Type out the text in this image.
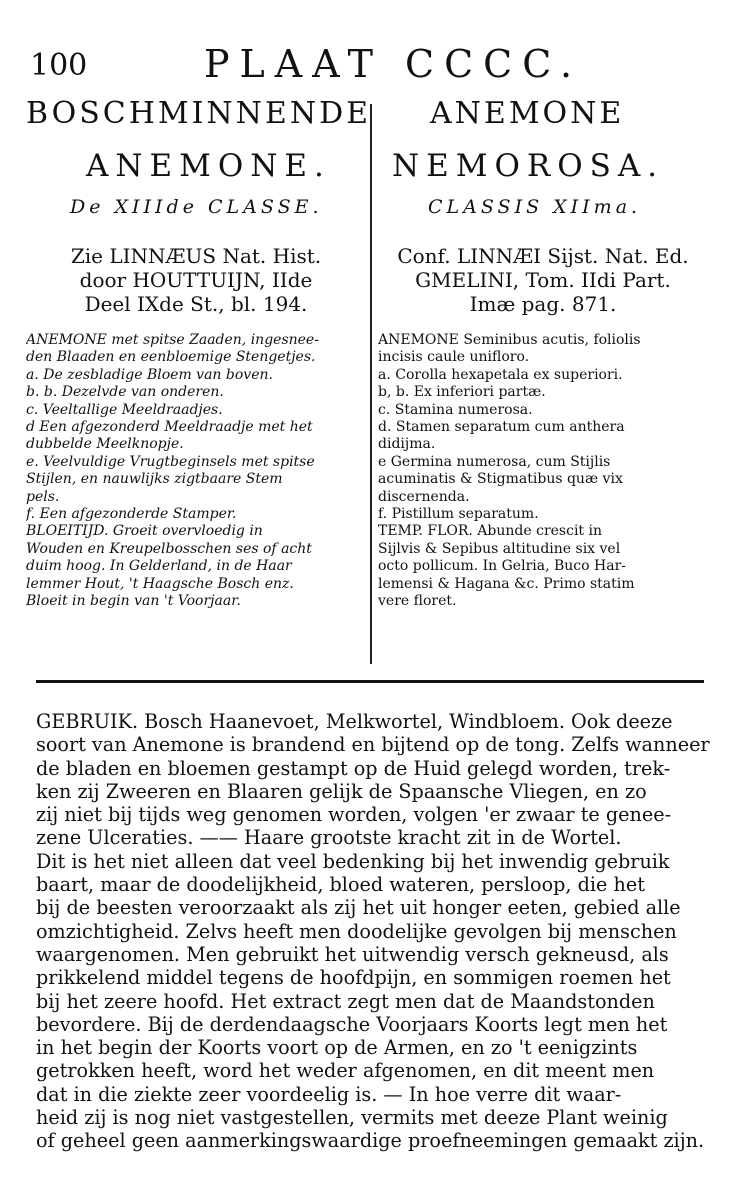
100	PLAAT CCCC.
BOSCHMINNENDE
ANEMONE.
De XIIIde CLASSE.
Zie LINNÆUS Nat. Hist.
door HOUTTUIJN, IIde
Deel IXde St., bl. 194.
ANEMONE met spitse Zaaden, ingesnee-
den Blaaden en eenbloemige Stengetjes.
a. De zesbladige Bloem van boven.
b. b. Dezelvde van onderen.
c. Veeltallige Meeldraadjes.
d Een afgezonderd Meeldraadje met het
dubbelde Meelknopje.
e. Veelvuldige Vrugtbeginsels met spitse
Stijlen, en nauwlijks zigtbaare Stem
pels.
f. Een afgezonderde Stamper.
BLOEITIJD. Groeit overvloedig in
Wouden en Kreupelbosschen ses of acht
duim hoog. In Gelderland, in de Haar
lemmer Hout, 't Haagsche Bosch enz.
Bloeit in begin van 't Voorjaar.
ANEMONE
NEMOROSA.
CLASSIS XIIma.
Conf. LINNÆI Sijst. Nat. Ed.
GMELINI, Tom. IIdi Part.
Imæ pag. 871.
ANEMONE Seminibus acutis, foliolis
incisis caule unifloro.
a. Corolla hexapetala ex superiori.
b, b. Ex inferiori partæ.
c. Stamina numerosa.
d. Stamen separatum cum anthera
didijma.
e Germina numerosa, cum Stijlis
acuminatis & Stigmatibus quæ vix
discernenda.
f. Pistillum separatum.
TEMP. FLOR. Abunde crescit in
Sijlvis & Sepibus altitudine six vel
octo pollicum. In Gelria, Buco Har-
lemensi & Hagana &c. Primo statim
vere floret.
GEBRUIK. Bosch Haanevoet, Melkwortel, Windbloem. Ook deeze
soort van Anemone is brandend en bijtend op de tong. Zelfs wanneer
de bladen en bloemen gestampt op de Huid gelegd worden, trek-
ken zij Zweeren en Blaaren gelijk de Spaansche Vliegen, en zo
zij niet bij tijds weg genomen worden, volgen 'er zwaar te genee-
zene Ulceraties. —— Haare grootste kracht zit in de Wortel.
Dit is het niet alleen dat veel bedenking bij het inwendig gebruik
baart, maar de doodelijkheid, bloed wateren, persloop, die het
bij de beesten veroorzaakt als zij het uit honger eeten, gebied alle
omzichtigheid. Zelvs heeft men doodelijke gevolgen bij menschen
waargenomen. Men gebruikt het uitwendig versch gekneusd, als
prikkelend middel tegens de hoofdpijn, en sommigen roemen het
bij het zeere hoofd. Het extract zegt men dat de Maandstonden
bevordere. Bij de derdendaagsche Voorjaars Koorts legt men het
in het begin der Koorts voort op de Armen, en zo 't eenigzints
getrokken heeft, word het weder afgenomen, en dit meent men
dat in die ziekte zeer voordeelig is. — In hoe verre dit waar-
heid zij is nog niet vastgestellen, vermits met deeze Plant weinig
of geheel geen aanmerkingswaardige proefneemingen gemaakt zijn.
